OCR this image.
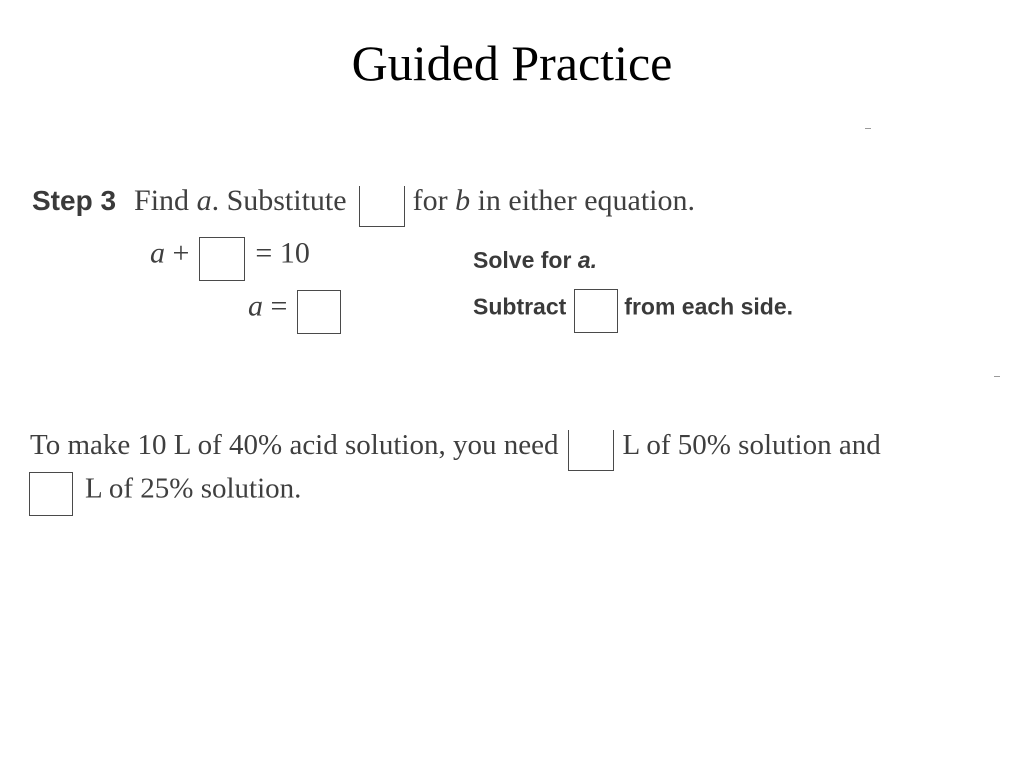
Guided Practice
Step 3 Find a. Substitute for b in either equation.
a + = 10	Solve for a.
a =	Subtract	from each side.
To make 10 L of 40% acid solution, you need L of 50% solution and
L of 25% solution.
